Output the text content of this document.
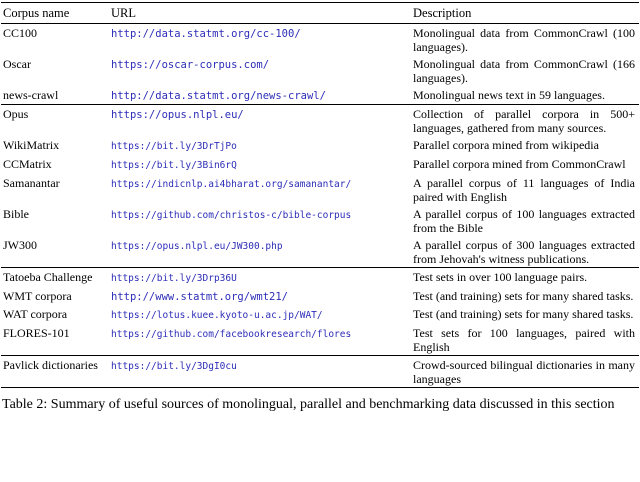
Corpus name	URL	Description
CC100	http://data.statmt.org/cc-100/	Monolingual data from CommonCrawl (100 languages).
Oscar	https://oscar-corpus.com/	Monolingual data from CommonCrawl (166 languages).
news-crawl	http://data.statmt.org/news-crawl/	Monolingual news text in 59 languages.
Opus	https://opus.nlpl.eu/	Collection of parallel corpora in 500+ languages, gathered from many sources.
WikiMatrix	https://bit.ly/3DrTjPo	Parallel corpora mined from wikipedia
CCMatrix	https://bit.ly/3Bin6rQ	Parallel corpora mined from CommonCrawl
Samanantar	https://indicnlp.ai4bharat.org/samanantar/	A parallel corpus of 11 languages of India paired with English
Bible	https://github.com/christos-c/bible-corpus	A parallel corpus of 100 languages extracted from the Bible
JW300	https://opus.nlpl.eu/JW300.php	A parallel corpus of 300 languages extracted from Jehovah's witness publications.
Tatoeba Challenge	https://bit.ly/3Drp36U	Test sets in over 100 language pairs.
WMT corpora	http://www.statmt.org/wmt21/	Test (and training) sets for many shared tasks.
WAT corpora	https://lotus.kuee.kyoto-u.ac.jp/WAT/	Test (and training) sets for many shared tasks.
FLORES-101	https://github.com/facebookresearch/flores	Test sets for 100 languages, paired with English
Pavlick dictionaries	https://bit.ly/3DgI0cu	Crowd-sourced bilingual dictionaries in many languages
Table 2: Summary of useful sources of monolingual, parallel and benchmarking data discussed in this section
